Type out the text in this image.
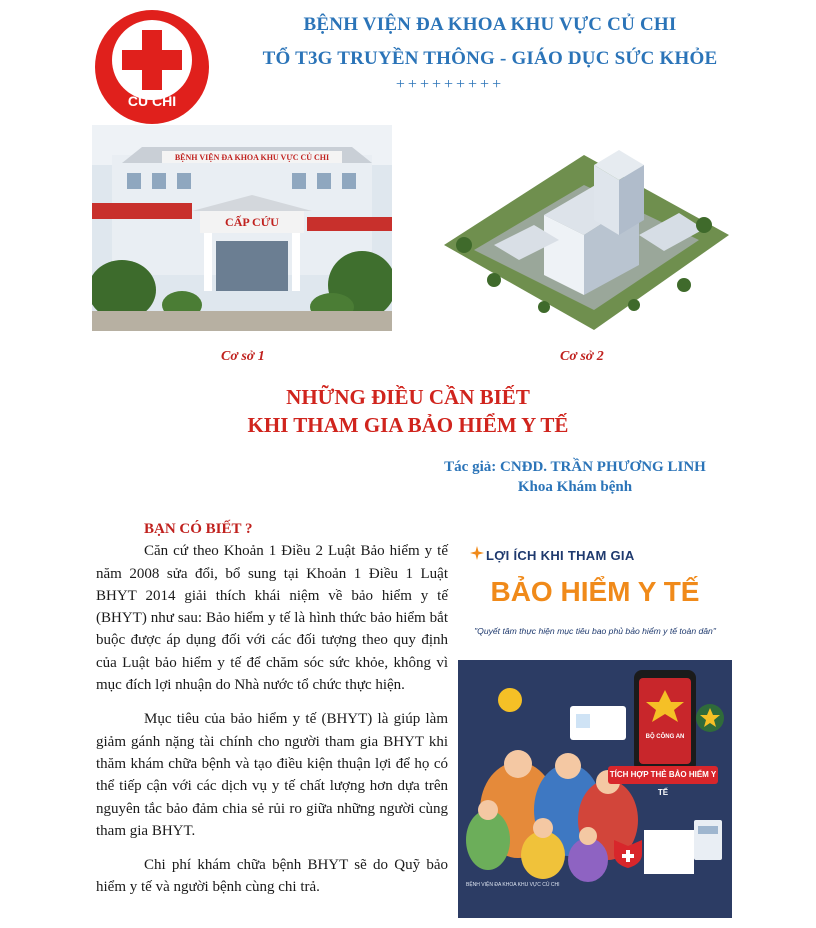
CỦ CHI
BỆNH VIỆN ĐA KHOA KHU VỰC CỦ CHI
TỔ T3G TRUYỀN THÔNG - GIÁO DỤC SỨC KHỎE
+++++++++
BỆNH VIỆN ĐA KHOA KHU VỰC CỦ CHI
CẤP CỨU
Cơ sở 1	Cơ sở 2
NHỮNG ĐIỀU CẦN BIẾT
KHI THAM GIA BẢO HIỂM Y TẾ
Tác giả: CNĐD. TRẦN PHƯƠNG LINH
Khoa Khám bệnh
BẠN CÓ BIẾT ?

Căn cứ theo Khoản 1 Điều 2 Luật Bảo hiểm y tế năm 2008 sửa đổi, bổ sung tại Khoản 1 Điều 1 Luật BHYT 2014 giải thích khái niệm về bảo hiểm y tế (BHYT) như sau: Bảo hiểm y tế là hình thức bảo hiểm bắt buộc được áp dụng đối với các đối tượng theo quy định của Luật bảo hiểm y tế để chăm sóc sức khỏe, không vì mục đích lợi nhuận do Nhà nước tổ chức thực hiện.

Mục tiêu của bảo hiểm y tế (BHYT) là giúp làm giảm gánh nặng tài chính cho người tham gia BHYT khi thăm khám chữa bệnh và tạo điều kiện thuận lợi để họ có thể tiếp cận với các dịch vụ y tế chất lượng hơn dựa trên nguyên tắc bảo đảm chia sẻ rủi ro giữa những người cùng tham gia BHYT.

Chi phí khám chữa bệnh BHYT sẽ do Quỹ bảo hiểm y tế và người bệnh cùng chi trả.

LỢI ÍCH KHI THAM GIA
BẢO HIỂM Y TẾ
"Quyết tâm thực hiện mục tiêu bao phủ bảo hiểm y tế toàn dân"
BỘ CÔNG AN
TÍCH HỢP THẺ BẢO HIỂM Y TẾ
BỆNH VIỆN ĐA KHOA KHU VỰC CỦ CHI
